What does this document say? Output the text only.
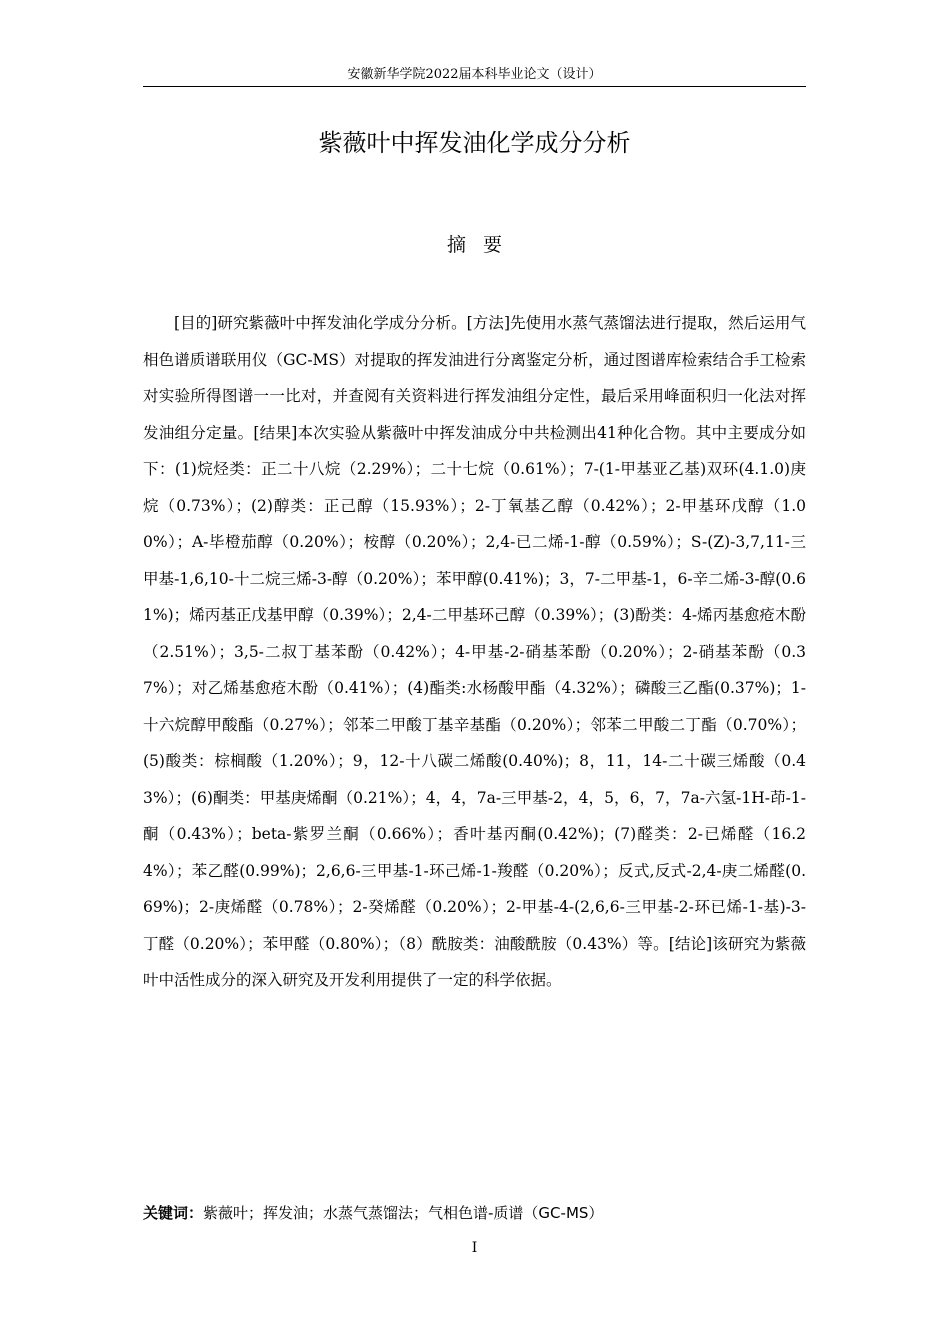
安徽新华学院2022届本科毕业论文（设计）
紫薇叶中挥发油化学成分分析
摘要

[目的]研究紫薇叶中挥发油化学成分分析。[方法]先使用水蒸气蒸馏法进行提取，然后运用气相色谱质谱联用仪（GC-MS）对提取的挥发油进行分离鉴定分析，通过图谱库检索结合手工检索对实验所得图谱一一比对，并查阅有关资料进行挥发油组分定性，最后采用峰面积归一化法对挥发油组分定量。[结果]本次实验从紫薇叶中挥发油成分中共检测出41种化合物。其中主要成分如下：(1)烷烃类：正二十八烷（2.29%）；二十七烷（0.61%）；7-(1-甲基亚乙基)双环(4.1.0)庚烷（0.73%）；(2)醇类：正己醇（15.93%）；2-丁氧基乙醇（0.42%）；2-甲基环戊醇（1.00%）；A-毕橙茄醇（0.20%）；桉醇（0.20%）；2,4-已二烯-1-醇（0.59%）；S-(Z)-3,7,11-三甲基-1,6,10-十二烷三烯-3-醇（0.20%）；苯甲醇(0.41%)；3，7-二甲基-1，6-辛二烯-3-醇(0.61%)；烯丙基正戊基甲醇（0.39%）；2,4-二甲基环己醇（0.39%）；(3)酚类：4-烯丙基愈疮木酚（2.51%）；3,5-二叔丁基苯酚（0.42%）；4-甲基-2-硝基苯酚（0.20%）；2-硝基苯酚（0.37%）；对乙烯基愈疮木酚（0.41%）；(4)酯类:水杨酸甲酯（4.32%）；磷酸三乙酯(0.37%)；1-十六烷醇甲酸酯（0.27%）；邻苯二甲酸丁基辛基酯（0.20%）；邻苯二甲酸二丁酯（0.70%）；(5)酸类：棕榈酸（1.20%）；9，12-十八碳二烯酸(0.40%)；8，11，14-二十碳三烯酸（0.43%）；(6)酮类：甲基庚烯酮（0.21%）；4，4，7a-三甲基-2，4，5，6，7，7a-六氢-1H-茚-1-酮（0.43%）；beta-紫罗兰酮（0.66%）；香叶基丙酮(0.42%)；(7)醛类：2-已烯醛（16.24%）；苯乙醛(0.99%)；2,6,6-三甲基-1-环己烯-1-羧醛（0.20%）；反式,反式-2,4-庚二烯醛(0.69%)；2-庚烯醛（0.78%）；2-癸烯醛（0.20%）；2-甲基-4-(2,6,6-三甲基-2-环已烯-1-基)-3-丁醛（0.20%）；苯甲醛（0.80%）；（8）酰胺类：油酸酰胺（0.43%）等。[结论]该研究为紫薇叶中活性成分的深入研究及开发利用提供了一定的科学依据。

关键词：紫薇叶；挥发油；水蒸气蒸馏法；气相色谱-质谱（GC-MS）
I
